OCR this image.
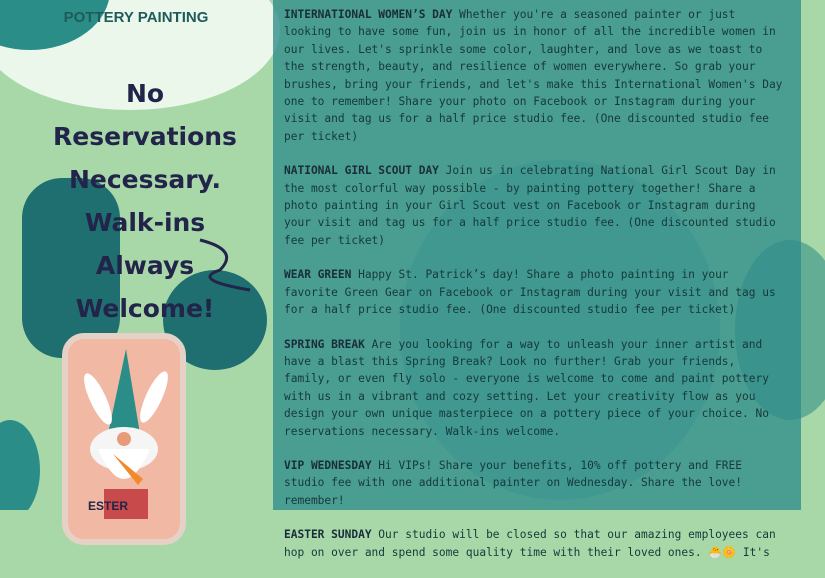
POTTERY PAINTING
No
Reservations
Necessary.
Walk-ins
Always
Welcome!
ESTER

INTERNATIONAL WOMEN’S DAY Whether you're a seasoned painter or just looking to have some fun, join us in honor of all the incredible women in our lives. Let's sprinkle some color, laughter, and love as we toast to the strength, beauty, and resilience of women everywhere. So grab your brushes, bring your friends, and let's make this International Women's Day one to remember! Share your photo on Facebook or Instagram during your visit and tag us for a half price studio fee. (One discounted studio fee per ticket)

NATIONAL GIRL SCOUT DAY Join us in celebrating National Girl Scout Day in the most colorful way possible - by painting pottery together! Share a photo painting in your Girl Scout vest on Facebook or Instagram during your visit and tag us for a half price studio fee. (One discounted studio fee per ticket)

WEAR GREEN Happy St. Patrick’s day! Share a photo painting in your favorite Green Gear on Facebook or Instagram during your visit and tag us for a half price studio fee. (One discounted studio fee per ticket)

SPRING BREAK Are you looking for a way to unleash your inner artist and have a blast this Spring Break? Look no further! Grab your friends, family, or even fly solo - everyone is welcome to come and paint pottery with us in a vibrant and cozy setting. Let your creativity flow as you design your own unique masterpiece on a pottery piece of your choice. No reservations necessary. Walk-ins welcome.

VIP WEDNESDAY Hi VIPs! Share your benefits, 10% off pottery and FREE studio fee with one additional painter on Wednesday. Share the love! remember!

EASTER SUNDAY Our studio will be closed so that our amazing employees can hop on over and spend some quality time with their loved ones. 🐣🌼 It's
